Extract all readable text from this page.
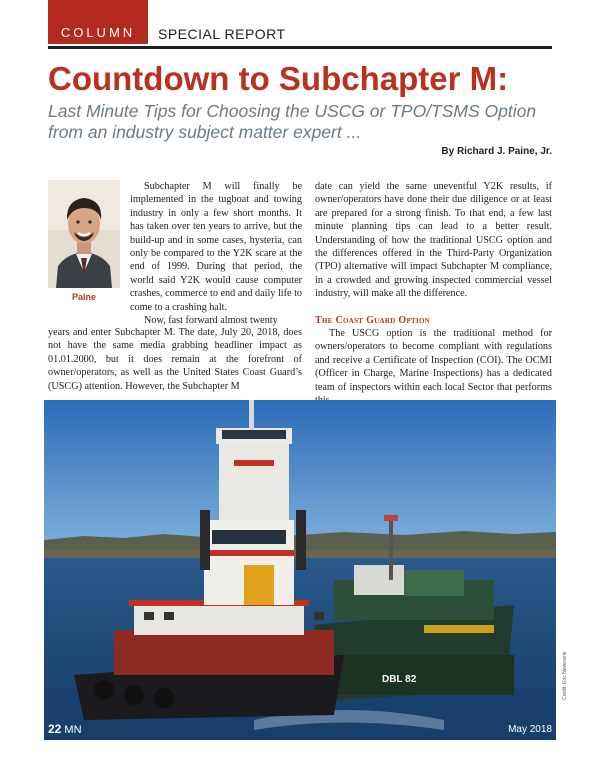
COLUMN SPECIAL REPORT
Countdown to Subchapter M:
Last Minute Tips for Choosing the USCG or TPO/TSMS Option
from an industry subject matter expert ...
By Richard J. Paine, Jr.
Paine

Subchapter M will finally be implemented in the tugboat and towing industry in only a few short months. It has taken over ten years to arrive, but the build-up and in some cases, hysteria, can only be compared to the Y2K scare at the end of 1999. During that period, the world said Y2K would cause computer crashes, commerce to end and daily life to come to a crashing halt.

Now, fast forward almost twenty

years and enter Subchapter M. The date, July 20, 2018, does not have the same media grabbing headliner impact as 01.01.2000, but it does remain at the forefront of owner/operators, as well as the United States Coast Guard’s (USCG) attention. However, the Subchapter M

date can yield the same uneventful Y2K results, if owner/operators have done their due diligence or at least are prepared for a strong finish. To that end, a few last minute planning tips can lead to a better result. Understanding of how the traditional USCG option and the differences offered in the Third-Party Organization (TPO) alternative will impact Subchapter M compliance, in a crowded and growing inspected commercial vessel industry, will make all the difference.

The Coast Guard Option

The USCG option is the traditional method for owners/operators to become compliant with regulations and receive a Certificate of Inspection (COI). The OCMI (Officer in Charge, Marine Inspections) has a dedicated team of inspectors within each local Sector that performs

DBL 82	Credit: Eric Neversink
22 MN	May 2018
